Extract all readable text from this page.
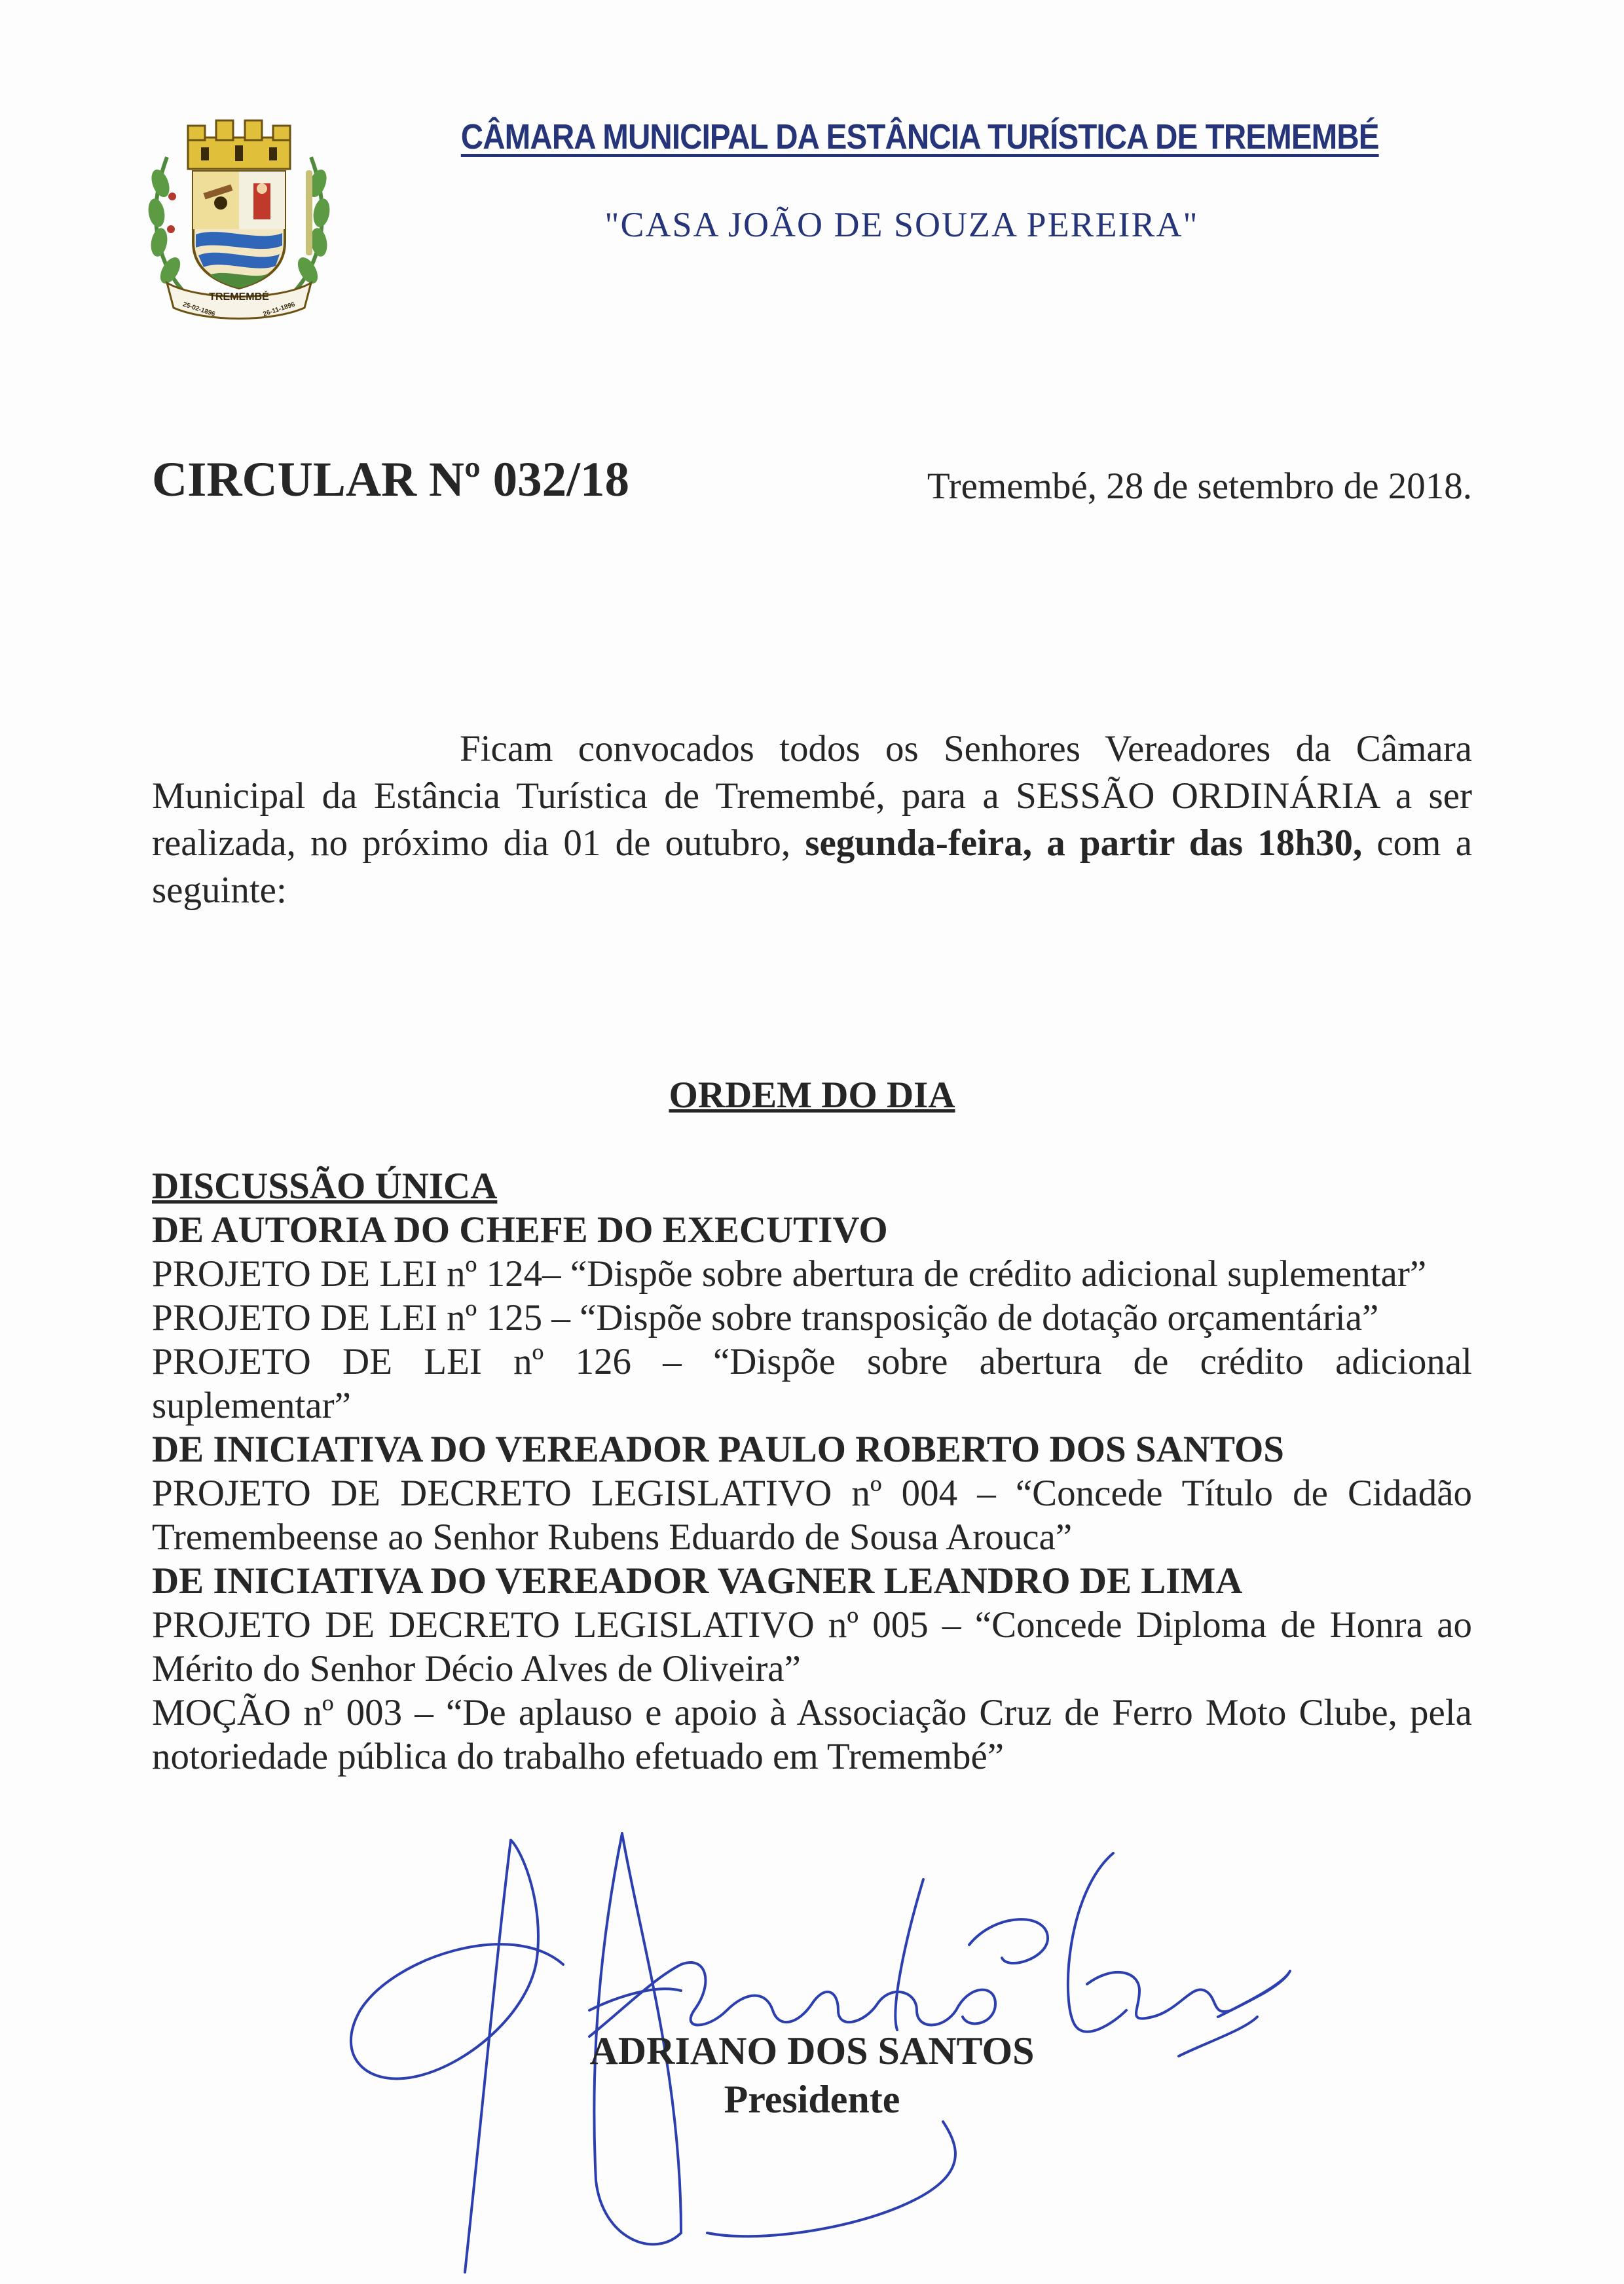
TREMEMBÉ
25-02-1896	26-11-1896
CÂMARA MUNICIPAL DA ESTÂNCIA TURÍSTICA DE TREMEMBÉ
"CASA JOÃO DE SOUZA PEREIRA"
CIRCULAR Nº 032/18	Tremembé, 28 de setembro de 2018.
Ficam convocados todos os Senhores Vereadores da Câmara Municipal da Estância Turística de Tremembé, para a SESSÃO ORDINÁRIA a ser realizada, no próximo dia 01 de outubro, segunda-feira, a partir das 18h30, com a seguinte:
ORDEM DO DIA
DISCUSSÃO ÚNICA
DE AUTORIA DO CHEFE DO EXECUTIVO
PROJETO DE LEI nº 124– “Dispõe sobre abertura de crédito adicional suplementar”
PROJETO DE LEI nº 125 – “Dispõe sobre transposição de dotação orçamentária”
PROJETO DE LEI nº 126 – “Dispõe sobre abertura de crédito adicional suplementar”
DE INICIATIVA DO VEREADOR PAULO ROBERTO DOS SANTOS
PROJETO DE DECRETO LEGISLATIVO nº 004 – “Concede Título de Cidadão Tremembeense ao Senhor Rubens Eduardo de Sousa Arouca”
DE INICIATIVA DO VEREADOR VAGNER LEANDRO DE LIMA
PROJETO DE DECRETO LEGISLATIVO nº 005 – “Concede Diploma de Honra ao Mérito do Senhor Décio Alves de Oliveira”
MOÇÃO nº 003 – “De aplauso e apoio à Associação Cruz de Ferro Moto Clube, pela notoriedade pública do trabalho efetuado em Tremembé”
ADRIANO DOS SANTOS
Presidente
